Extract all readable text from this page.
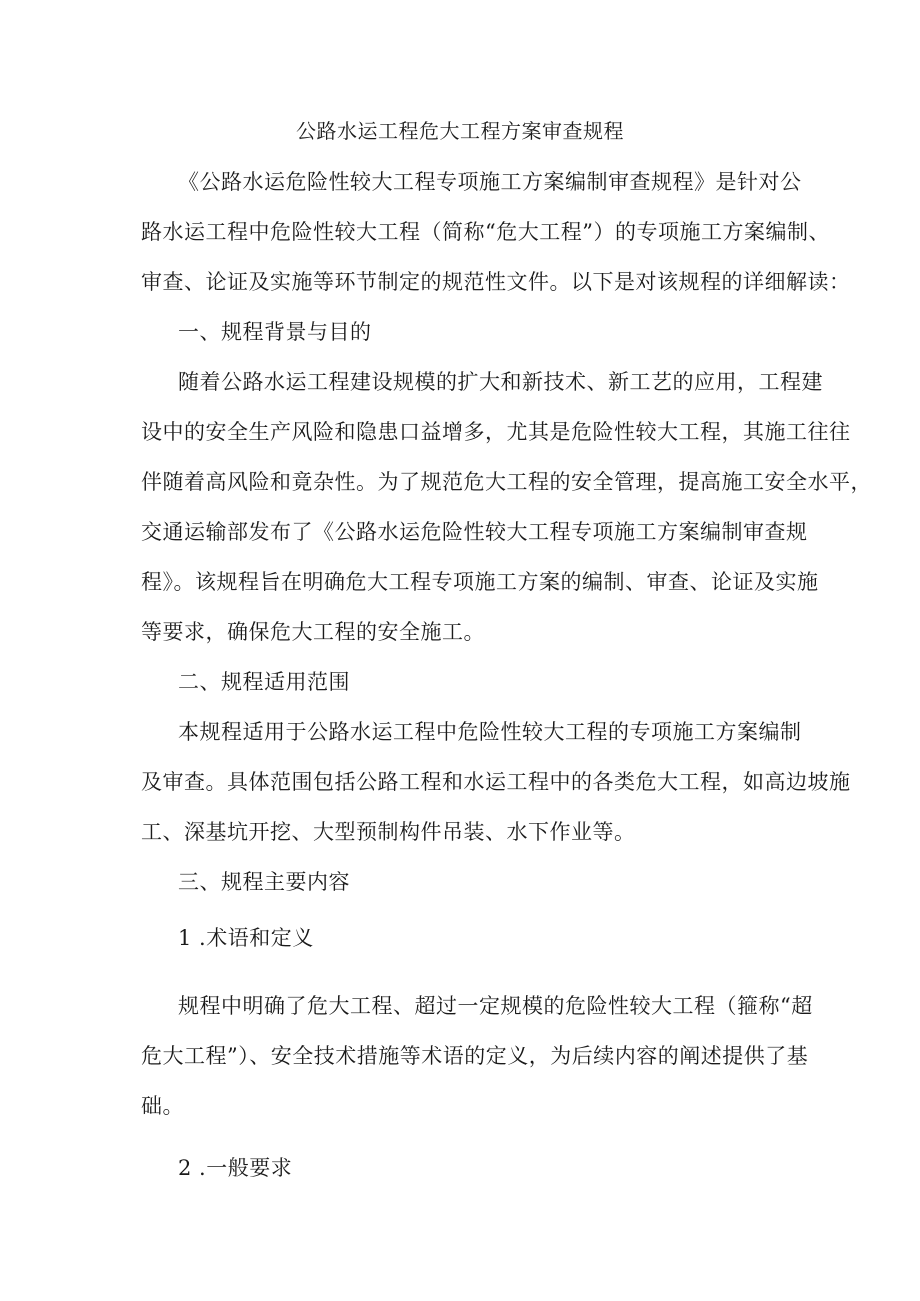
公路水运工程危大工程方案审查规程
《公路水运危险性较大工程专项施工方案编制审查规程》是针对公
路水运工程中危险性较大工程（简称“危大工程”）的专项施工方案编制、
审查、论证及实施等环节制定的规范性文件。以下是对该规程的详细解读：
一、规程背景与目的
随着公路水运工程建设规模的扩大和新技术、新工艺的应用，工程建
设中的安全生产风险和隐患口益增多，尤其是危险性较大工程，其施工往往
伴随着高风险和竟杂性。为了规范危大工程的安全管理，提高施工安全水平，
交通运输部发布了《公路水运危险性较大工程专项施工方案编制审查规
程》。该规程旨在明确危大工程专项施工方案的编制、审查、论证及实施
等要求，确保危大工程的安全施工。
二、规程适用范围
本规程适用于公路水运工程中危险性较大工程的专项施工方案编制
及审查。具体范围包括公路工程和水运工程中的各类危大工程，如高边坡施
工、深基坑开挖、大型预制构件吊装、水下作业等。
三、规程主要内容
1 .术语和定义
规程中明确了危大工程、超过一定规模的危险性较大工程（箍称“超
危大工程”）、安全技术措施等术语的定义，为后续内容的阐述提供了基
础。
2 .一般要求
